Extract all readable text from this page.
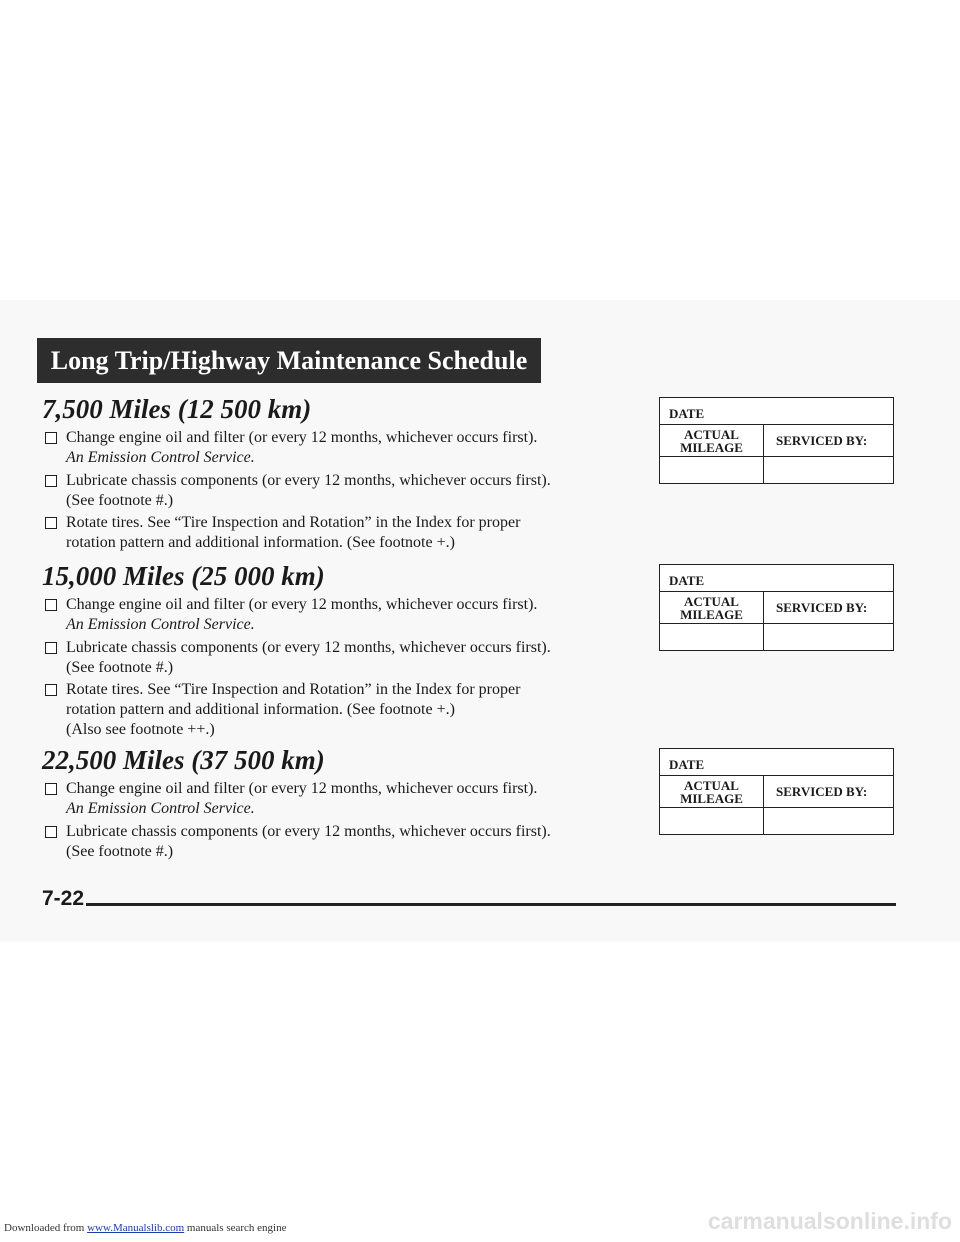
Long Trip/Highway Maintenance Schedule
7,500 Miles (12 500 km)
Change engine oil and filter (or every 12 months, whichever occurs first).
An Emission Control Service.
Lubricate chassis components (or every 12 months, whichever occurs first).
(See footnote #.)
Rotate tires. See “Tire Inspection and Rotation” in the Index for proper
rotation pattern and additional information. (See footnote +.)
15,000 Miles (25 000 km)
Change engine oil and filter (or every 12 months, whichever occurs first).
An Emission Control Service.
Lubricate chassis components (or every 12 months, whichever occurs first).
(See footnote #.)
Rotate tires. See “Tire Inspection and Rotation” in the Index for proper
rotation pattern and additional information. (See footnote +.)
(Also see footnote ++.)
22,500 Miles (37 500 km)
Change engine oil and filter (or every 12 months, whichever occurs first).
An Emission Control Service.
Lubricate chassis components (or every 12 months, whichever occurs first).
(See footnote #.)
DATE
ACTUAL
MILEAGE	SERVICED BY:
DATE
ACTUAL
MILEAGE	SERVICED BY:
DATE
ACTUAL
MILEAGE	SERVICED BY:
7-22
Downloaded from www.Manualslib.com manuals search engine	carmanualsonline.info
